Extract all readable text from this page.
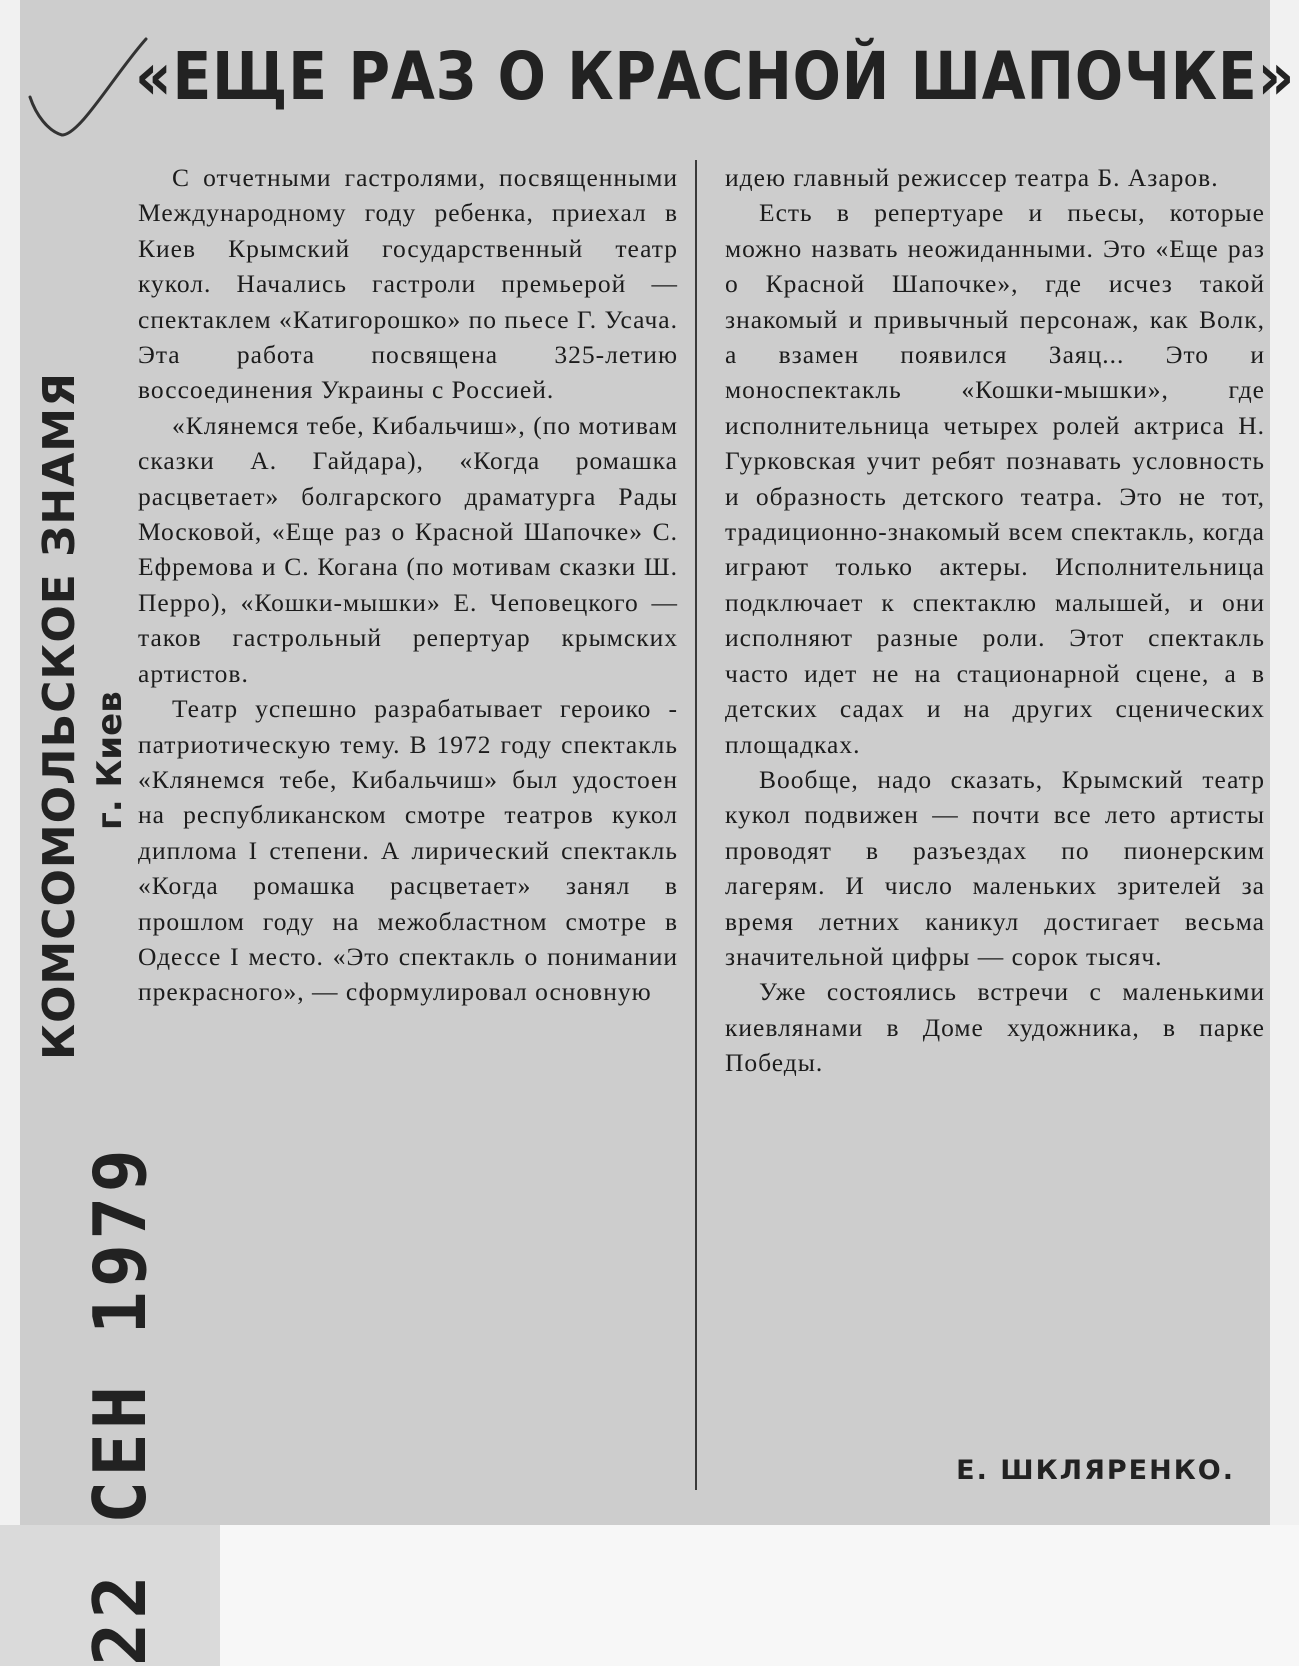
«ЕЩЕ РАЗ О КРАСНОЙ ШАПОЧКЕ»
КОМСОМОЛЬСКОЕ ЗНАМЯ г. Киев
22 СЕН 1979

С отчетными гастролями, посвященными Международному году ребенка, приехал в Киев Крымский государственный театр кукол. Начались гастроли премьерой — спектаклем «Катигорошко» по пьесе Г. Усача. Эта работа посвящена 325-летию воссоединения Украины с Россией.

«Клянемся тебе, Кибальчиш», (по мотивам сказки А. Гайдара), «Когда ромашка расцветает» болгарского драматурга Рады Московой, «Еще раз о Красной Шапочке» С. Ефремова и С. Когана (по мотивам сказки Ш. Перро), «Кошки-мышки» Е. Чеповецкого —таков гастрольный репертуар крымских артистов.

Театр успешно разрабатывает героико - патриотическую тему. В 1972 году спектакль «Клянемся тебе, Кибальчиш» был удостоен на республиканском смотре театров кукол диплома I степени. А лирический спектакль «Когда ромашка расцветает» занял в прошлом году на межобластном смотре в Одессе I место. «Это спектакль о понимании прекрасного», — сформулировал основную

идею главный режиссер театра Б. Азаров.

Есть в репертуаре и пьесы, которые можно назвать неожиданными. Это «Еще раз о Красной Шапочке», где исчез такой знакомый и привычный персонаж, как Волк, а взамен появился Заяц... Это и моноспектакль «Кошки-мышки», где исполнительница четырех ролей актриса Н. Гурковская учит ребят познавать условность и образность детского театра. Это не тот, традиционно-знакомый всем спектакль, когда играют только актеры. Исполнительница подключает к спектаклю малышей, и они исполняют разные роли. Этот спектакль часто идет не на стационарной сцене, а в детских садах и на других сценических площадках.

Вообще, надо сказать, Крымский театр кукол подвижен — почти все лето артисты проводят в разъездах по пионерским лагерям. И число маленьких зрителей за время летних каникул достигает весьма значительной цифры — сорок тысяч.

Уже состоялись встречи с маленькими киевлянами в Доме художника, в парке Победы.

Е. ШКЛЯРЕНКО.
